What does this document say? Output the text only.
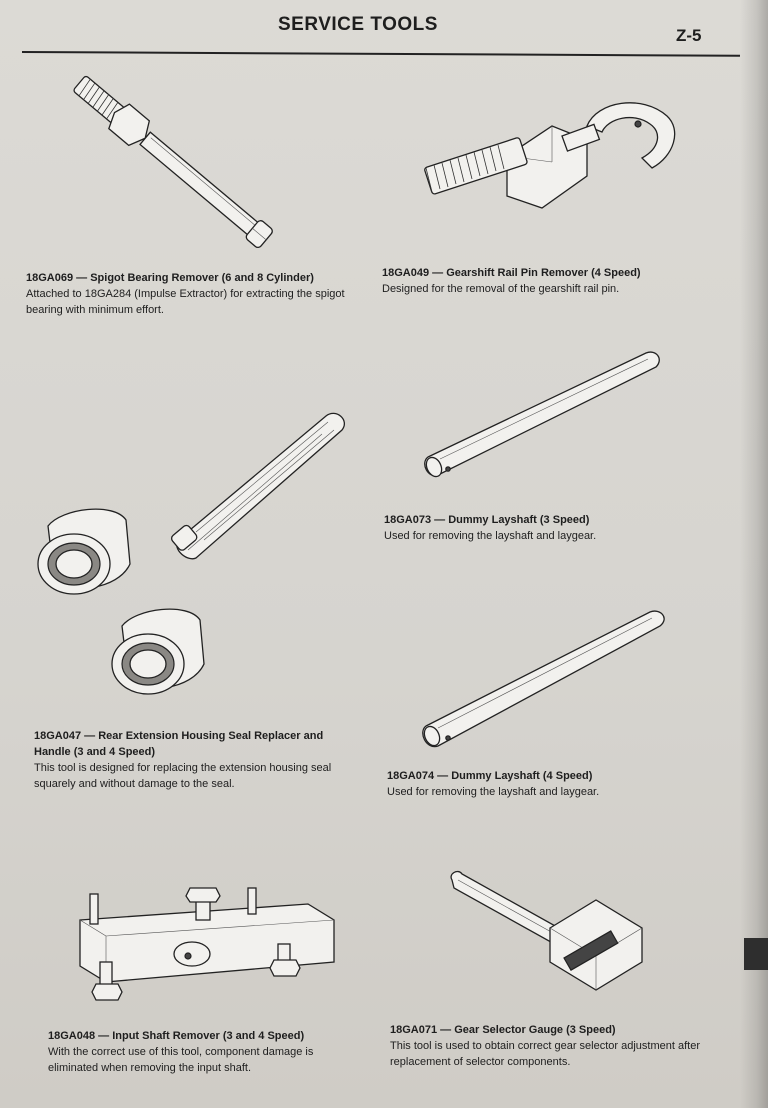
SERVICE TOOLS
Z-5
18GA069 — Spigot Bearing Remover (6 and 8 Cylinder)
Attached to 18GA284 (Impulse Extractor) for extracting the spigot bearing with minimum effort.
18GA049 — Gearshift Rail Pin Remover (4 Speed)
Designed for the removal of the gearshift rail pin.
18GA073 — Dummy Layshaft (3 Speed)
Used for removing the layshaft and laygear.
18GA047 — Rear Extension Housing Seal Replacer and Handle (3 and 4 Speed)
This tool is designed for replacing the extension housing seal squarely and without damage to the seal.
18GA074 — Dummy Layshaft (4 Speed)
Used for removing the layshaft and laygear.
18GA048 — Input Shaft Remover (3 and 4 Speed)
With the correct use of this tool, component damage is eliminated when removing the input shaft.
18GA071 — Gear Selector Gauge (3 Speed)
This tool is used to obtain correct gear selector adjustment after replacement of selector components.
